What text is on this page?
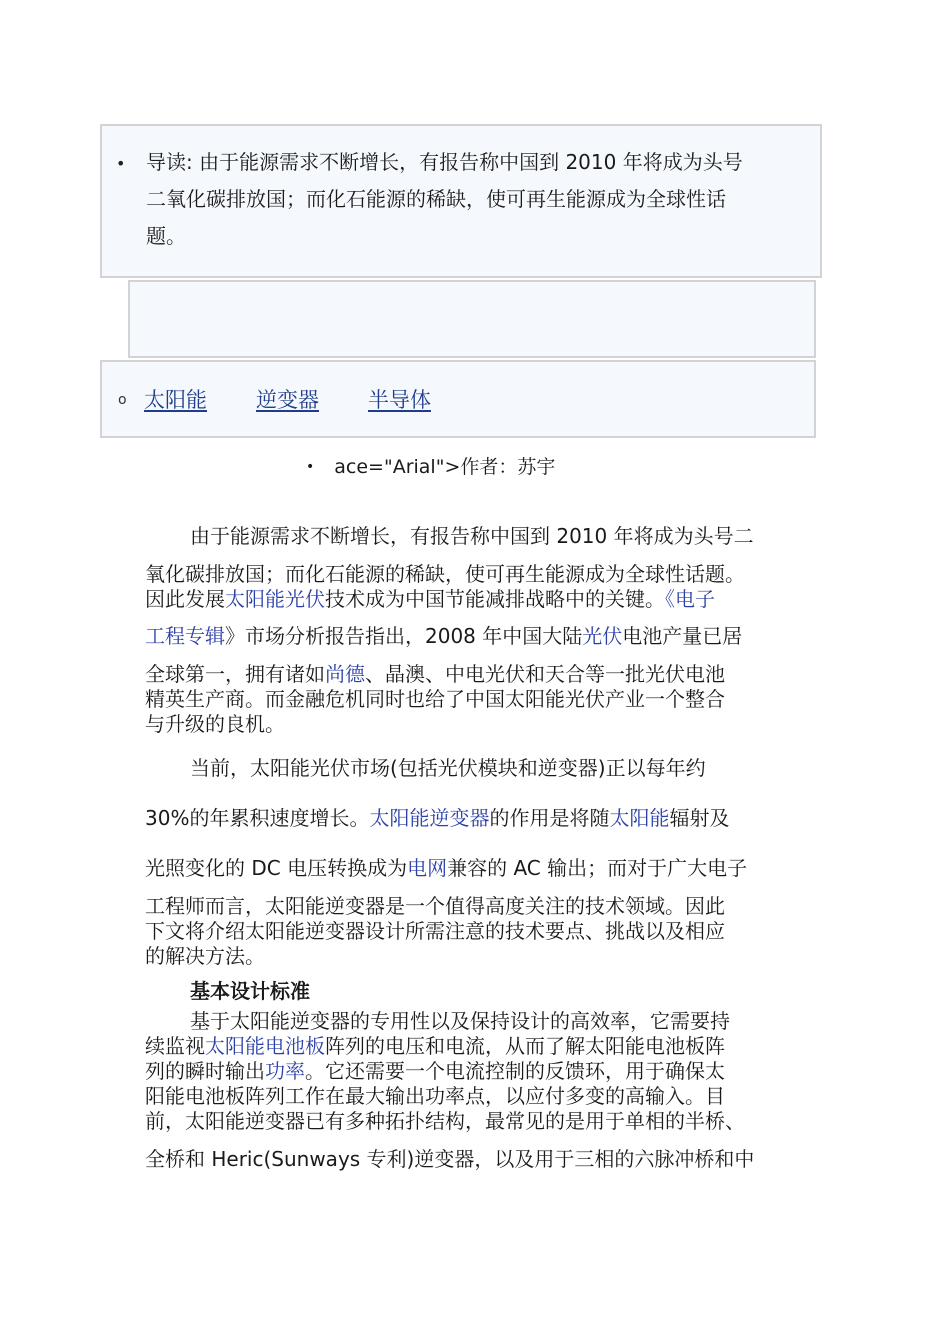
• 导读: 由于能源需求不断增长，有报告称中国到 2010 年将成为头号
二氧化碳排放国；而化石能源的稀缺，使可再生能源成为全球性话
题。
o 太阳能 逆变器 半导体
• ace="Arial">作者：苏宇
由于能源需求不断增长，有报告称中国到 2010 年将成为头号二
氧化碳排放国；而化石能源的稀缺，使可再生能源成为全球性话题。
因此发展太阳能光伏技术成为中国节能减排战略中的关键。《电子
工程专辑》市场分析报告指出，2008 年中国大陆光伏电池产量已居
全球第一，拥有诸如尚德、晶澳、中电光伏和天合等一批光伏电池
精英生产商。而金融危机同时也给了中国太阳能光伏产业一个整合
与升级的良机。
当前，太阳能光伏市场(包括光伏模块和逆变器)正以每年约
30%的年累积速度增长。太阳能逆变器的作用是将随太阳能辐射及
光照变化的 DC 电压转换成为电网兼容的 AC 输出；而对于广大电子
工程师而言，太阳能逆变器是一个值得高度关注的技术领域。因此
下文将介绍太阳能逆变器设计所需注意的技术要点、挑战以及相应
的解决方法。
基本设计标准
基于太阳能逆变器的专用性以及保持设计的高效率，它需要持
续监视太阳能电池板阵列的电压和电流，从而了解太阳能电池板阵
列的瞬时输出功率。它还需要一个电流控制的反馈环，用于确保太
阳能电池板阵列工作在最大输出功率点，以应付多变的高输入。目
前，太阳能逆变器已有多种拓扑结构，最常见的是用于单相的半桥、
全桥和 Heric(Sunways 专利)逆变器，以及用于三相的六脉冲桥和中
